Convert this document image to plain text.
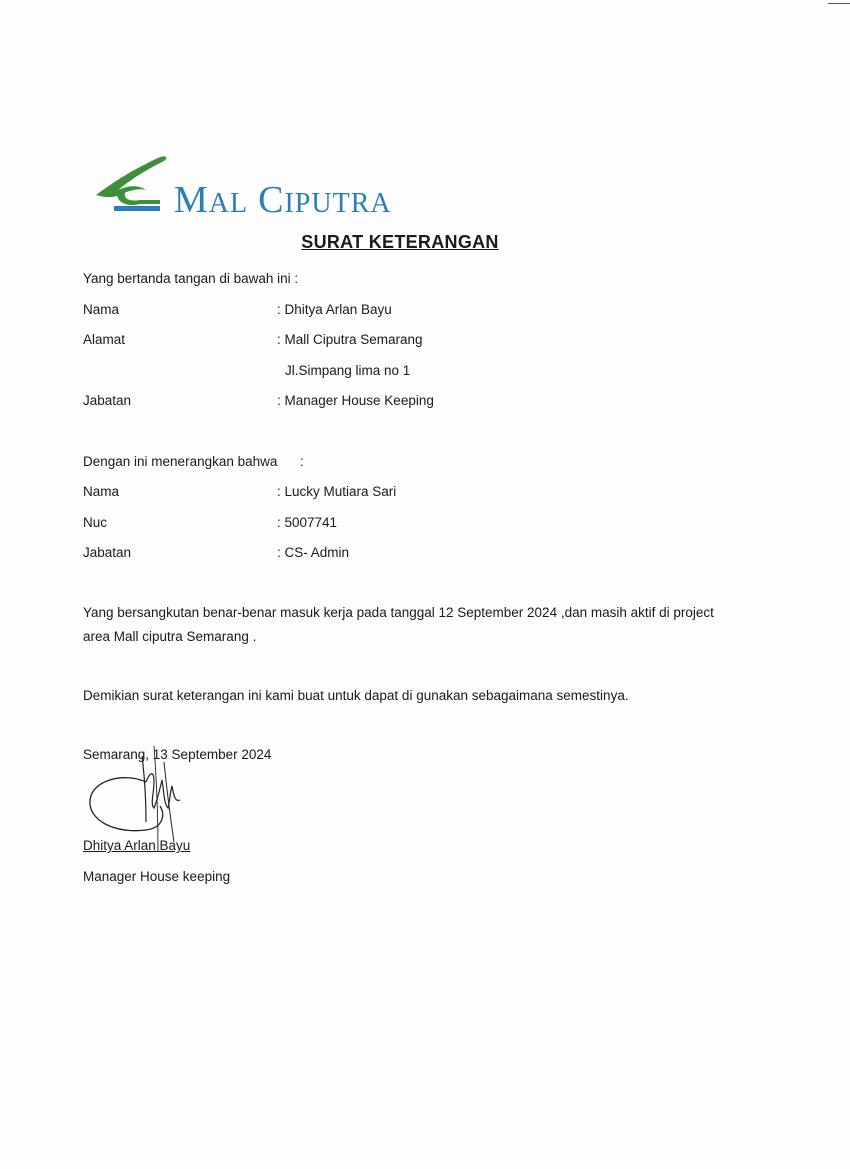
MAL CIPUTRA
SURAT KETERANGAN
Yang bertanda tangan di bawah ini :
Nama	: Dhitya Arlan Bayu
Alamat	: Mall Ciputra Semarang
Jl.Simpang lima no 1
Jabatan	: Manager House Keeping
Dengan ini menerangkan bahwa :
Nama	: Lucky Mutiara Sari
Nuc	: 5007741
Jabatan	: CS- Admin
Yang bersangkutan benar-benar masuk kerja pada tanggal 12 September 2024 ,dan masih aktif di project area Mall ciputra Semarang .
Demikian surat keterangan ini kami buat untuk dapat di gunakan sebagaimana semestinya.
Semarang, 13 September 2024
Dhitya Arlan Bayu
Manager House keeping
